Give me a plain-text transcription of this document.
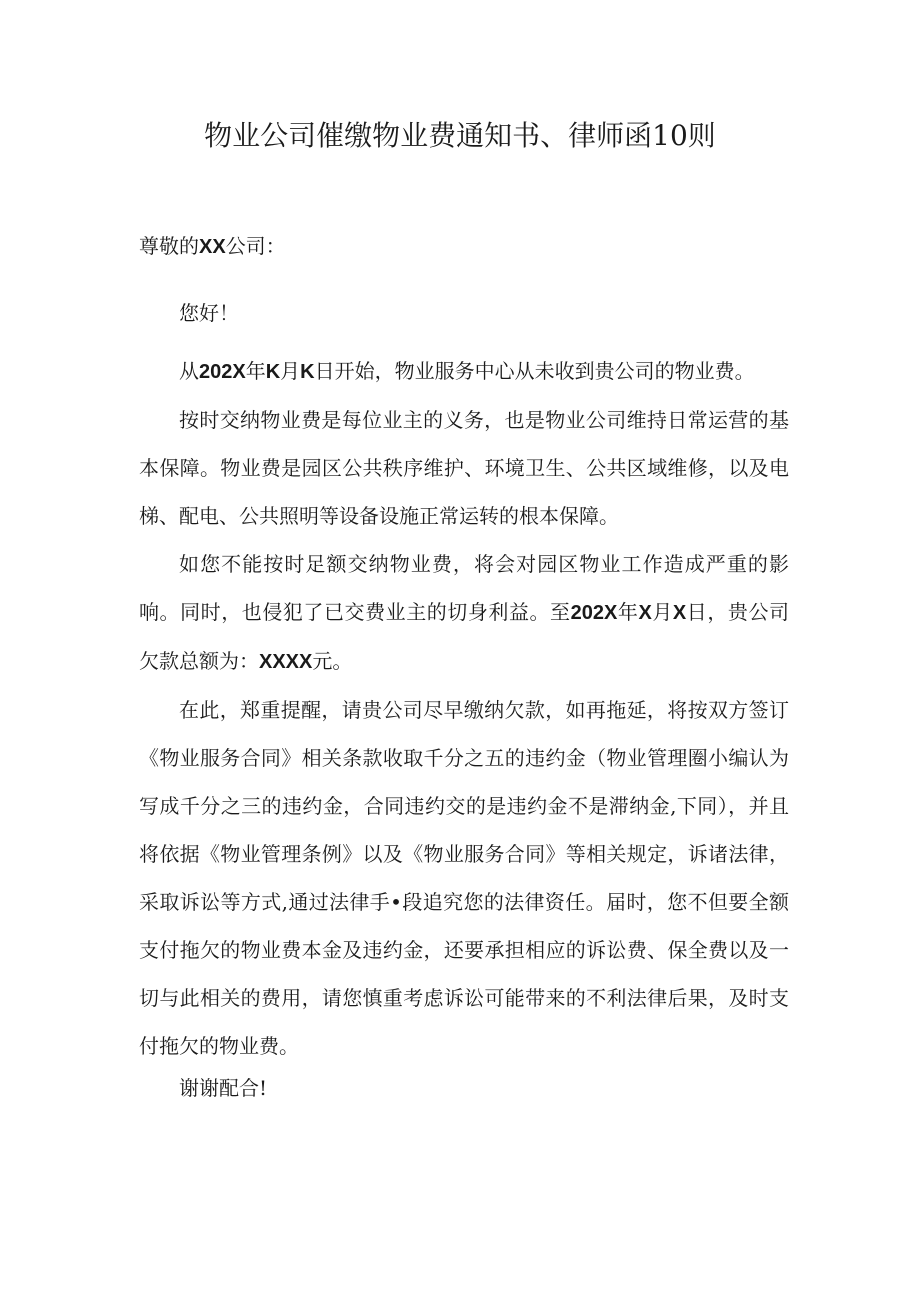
物业公司催缴物业费通知书、律师函10则

尊敬的XX公司：

您好！

从202X年K月K日开始，物业服务中心从未收到贵公司的物业费。

按时交纳物业费是每位业主的义务，也是物业公司维持日常运营的基本保障。物业费是园区公共秩序维护、环境卫生、公共区域维修，以及电梯、配电、公共照明等设备设施正常运转的根本保障。

如您不能按时足额交纳物业费，将会对园区物业工作造成严重的影响。同时，也侵犯了已交费业主的切身利益。至202X年X月X日，贵公司欠款总额为：XXXX元。

在此，郑重提醒，请贵公司尽早缴纳欠款，如再拖延，将按双方签订《物业服务合同》相关条款收取千分之五的违约金（物业管理圈小编认为写成千分之三的违约金，合同违约交的是违约金不是滞纳金,下同），并且将依据《物业管理条例》以及《物业服务合同》等相关规定，诉诸法律，采取诉讼等方式,通过法律手•段追究您的法律资任。届时，您不但要全额支付拖欠的物业费本金及违约金，还要承担相应的诉讼费、保全费以及一切与此相关的费用，请您慎重考虑诉讼可能带来的不利法律后果，及时支付拖欠的物业费。

谢谢配合!
